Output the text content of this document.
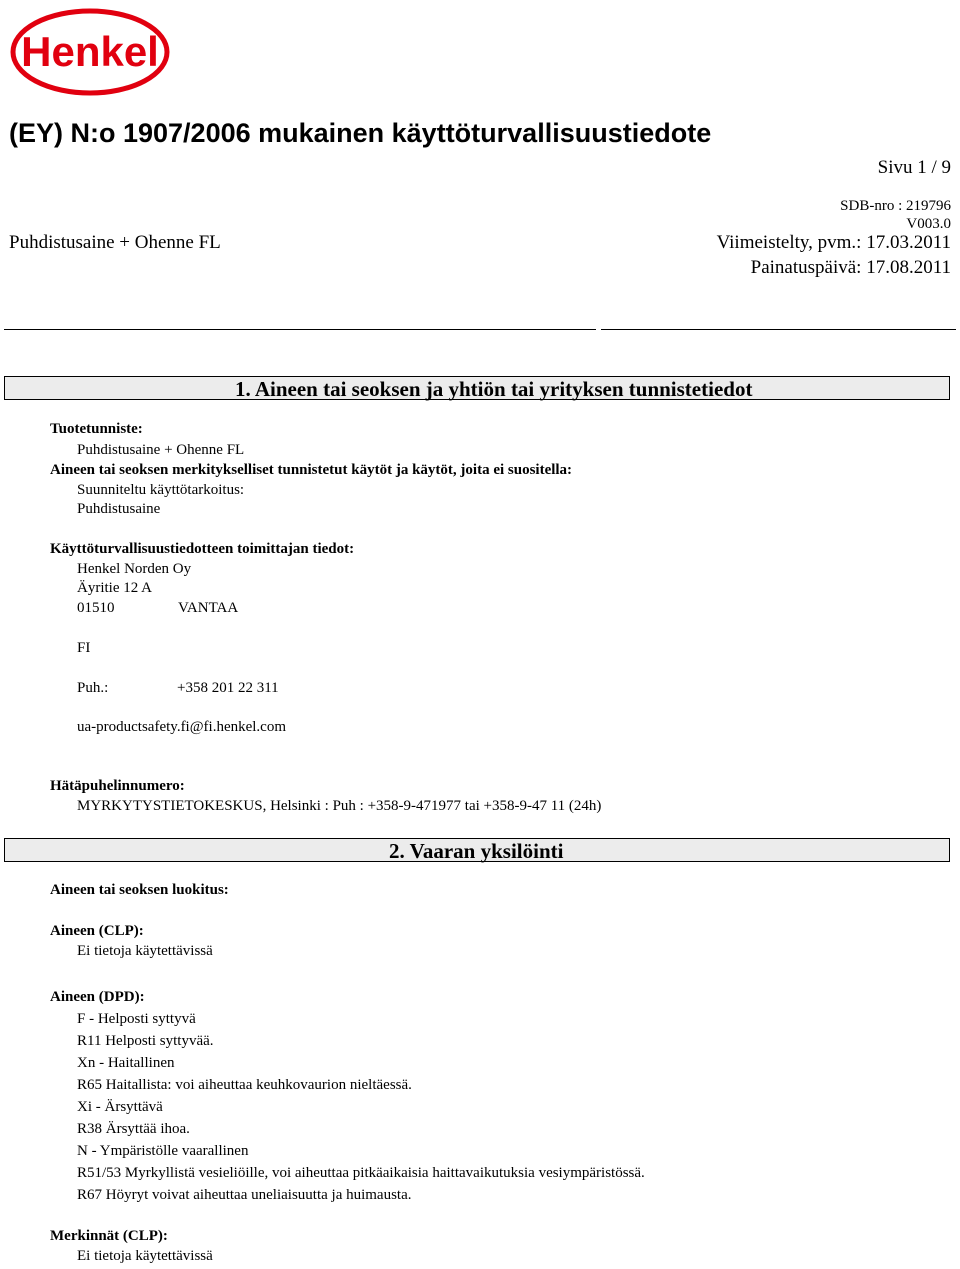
Henkel
(EY) N:o 1907/2006 mukainen käyttöturvallisuustiedote
Sivu 1 / 9
SDB-nro : 219796
V003.0
Puhdistusaine + Ohenne FL	Viimeistelty, pvm.: 17.03.2011
Painatuspäivä: 17.08.2011
1. Aineen tai seoksen ja yhtiön tai yrityksen tunnistetiedot
Tuotetunniste:
Puhdistusaine + Ohenne FL
Aineen tai seoksen merkitykselliset tunnistetut käytöt ja käytöt, joita ei suositella:
Suunniteltu käyttötarkoitus:
Puhdistusaine
Käyttöturvallisuustiedotteen toimittajan tiedot:
Henkel Norden Oy
Äyritie 12 A
01510	VANTAA
FI
Puh.:	+358 201 22 311
ua-productsafety.fi@fi.henkel.com
Hätäpuhelinnumero:
MYRKYTYSTIETOKESKUS, Helsinki : Puh : +358-9-471977 tai +358-9-47 11 (24h)
2. Vaaran yksilöinti
Aineen tai seoksen luokitus:
Aineen (CLP):
Ei tietoja käytettävissä
Aineen (DPD):
F - Helposti syttyvä
R11 Helposti syttyvää.
Xn - Haitallinen
R65 Haitallista: voi aiheuttaa keuhkovaurion nieltäessä.
Xi - Ärsyttävä
R38 Ärsyttää ihoa.
N - Ympäristölle vaarallinen
R51/53 Myrkyllistä vesieliöille, voi aiheuttaa pitkäaikaisia haittavaikutuksia vesiympäristössä.
R67 Höyryt voivat aiheuttaa uneliaisuutta ja huimausta.
Merkinnät (CLP):
Ei tietoja käytettävissä
